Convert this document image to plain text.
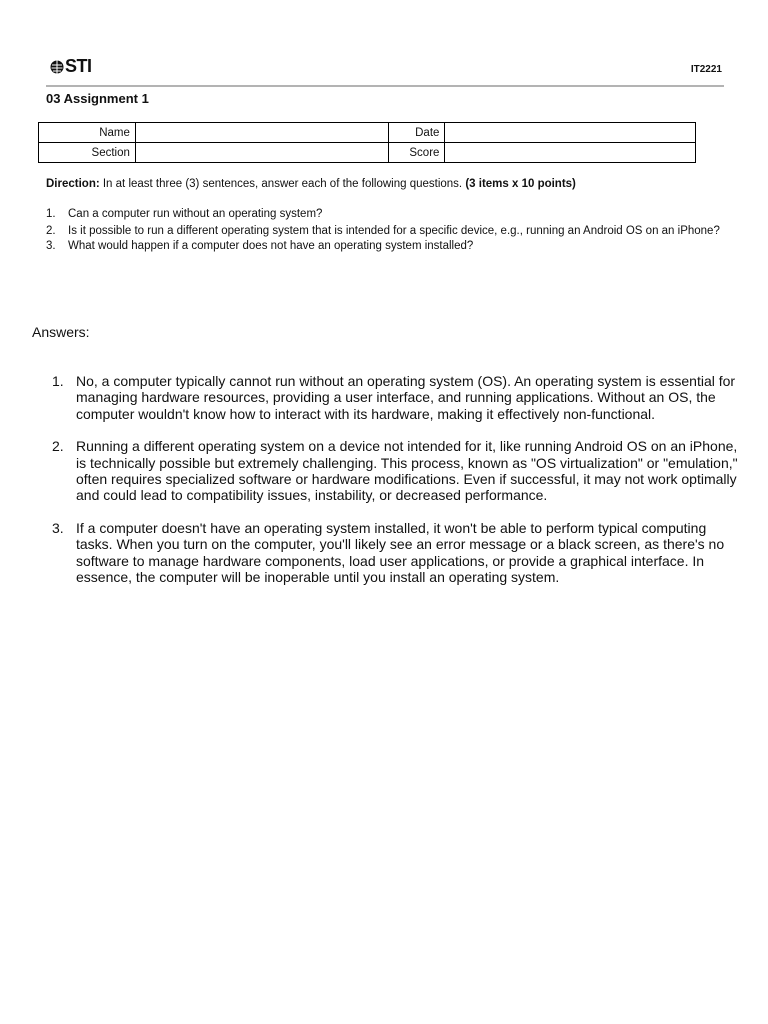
STI	IT2221
03 Assignment 1
Name		Date	
Section		Score	
Direction: In at least three (3) sentences, answer each of the following questions. (3 items x 10 points)
1.	Can a computer run without an operating system?
2.	Is it possible to run a different operating system that is intended for a specific device, e.g., running an Android OS on an iPhone?
3.	What would happen if a computer does not have an operating system installed?
Answers:
1. No, a computer typically cannot run without an operating system (OS). An operating system is essential for managing hardware resources, providing a user interface, and running applications. Without an OS, the computer wouldn't know how to interact with its hardware, making it effectively non-functional.
2. Running a different operating system on a device not intended for it, like running Android OS on an iPhone, is technically possible but extremely challenging. This process, known as "OS virtualization" or "emulation," often requires specialized software or hardware modifications. Even if successful, it may not work optimally and could lead to compatibility issues, instability, or decreased performance.
3. If a computer doesn't have an operating system installed, it won't be able to perform typical computing tasks. When you turn on the computer, you'll likely see an error message or a black screen, as there's no software to manage hardware components, load user applications, or provide a graphical interface. In essence, the computer will be inoperable until you install an operating system.
